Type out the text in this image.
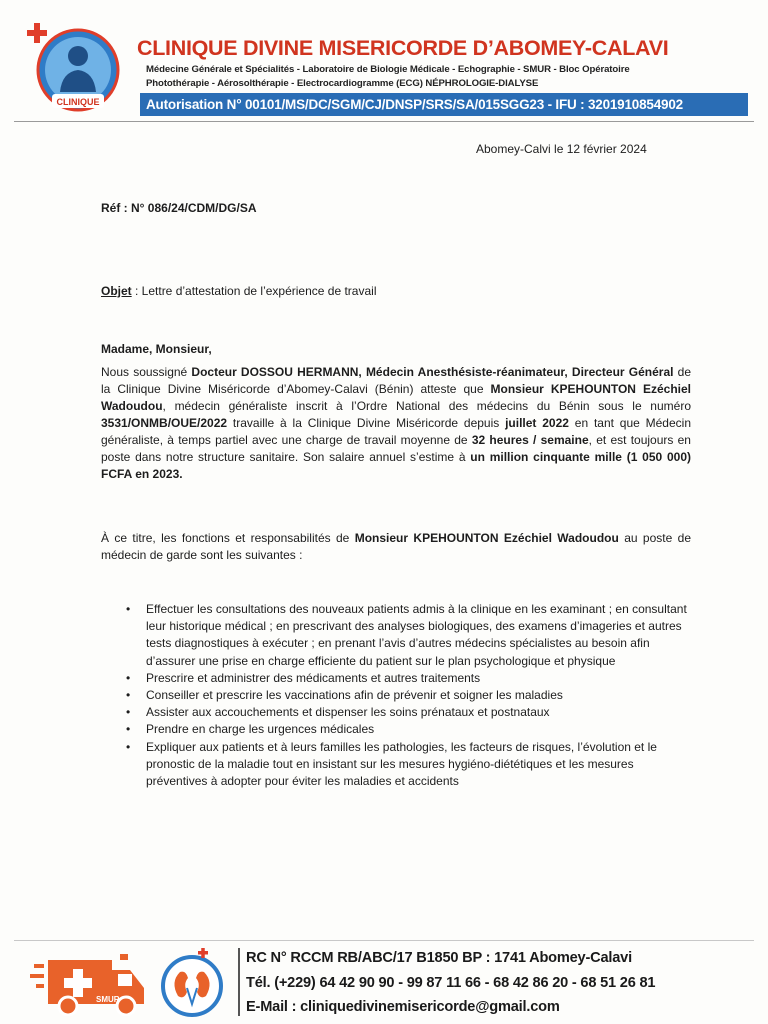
CLINIQUE
CLINIQUE DIVINE MISERICORDE D’ABOMEY-CALAVI
Médecine Générale et Spécialités - Laboratoire de Biologie Médicale - Echographie - SMUR - Bloc Opératoire
Photothérapie - Aérosolthérapie - Electrocardiogramme (ECG) NÉPHROLOGIE-DIALYSE
Autorisation N° 00101/MS/DC/SGM/CJ/DNSP/SRS/SA/015SGG23 - IFU : 3201910854902
Abomey-Calvi le 12 février 2024
Réf : N° 086/24/CDM/DG/SA
Objet : Lettre d’attestation de l’expérience de travail
Madame, Monsieur,

Nous soussigné Docteur DOSSOU HERMANN, Médecin Anesthésiste-réanimateur, Directeur Général de la Clinique Divine Miséricorde d’Abomey-Calavi (Bénin) atteste que Monsieur KPEHOUNTON Ezéchiel Wadoudou, médecin généraliste inscrit à l’Ordre National des médecins du Bénin sous le numéro 3531/ONMB/OUE/2022 travaille à la Clinique Divine Miséricorde depuis juillet 2022 en tant que Médecin généraliste, à temps partiel avec une charge de travail moyenne de 32 heures / semaine, et est toujours en poste dans notre structure sanitaire. Son salaire annuel s’estime à un million cinquante mille (1 050 000) FCFA en 2023.

À ce titre, les fonctions et responsabilités de Monsieur KPEHOUNTON Ezéchiel Wadoudou au poste de médecin de garde sont les suivantes :

• Effectuer les consultations des nouveaux patients admis à la clinique en les examinant ; en consultant leur historique médical ; en prescrivant des analyses biologiques, des examens d’imageries et autres tests diagnostiques à exécuter ; en prenant l’avis d’autres médecins spécialistes au besoin afin d’assurer une prise en charge efficiente du patient sur le plan psychologique et physique
• Prescrire et administrer des médicaments et autres traitements
• Conseiller et prescrire les vaccinations afin de prévenir et soigner les maladies
• Assister aux accouchements et dispenser les soins prénataux et postnataux
• Prendre en charge les urgences médicales
• Expliquer aux patients et à leurs familles les pathologies, les facteurs de risques, l’évolution et le pronostic de la maladie tout en insistant sur les mesures hygiéno-diététiques et les mesures préventives à adopter pour éviter les maladies et accidents
SMUR
RC N° RCCM RB/ABC/17 B1850 BP : 1741 Abomey-Calavi
Tél. (+229) 64 42 90 90 - 99 87 11 66 - 68 42 86 20 - 68 51 26 81
E-Mail : cliniquedivinemisericorde@gmail.com
